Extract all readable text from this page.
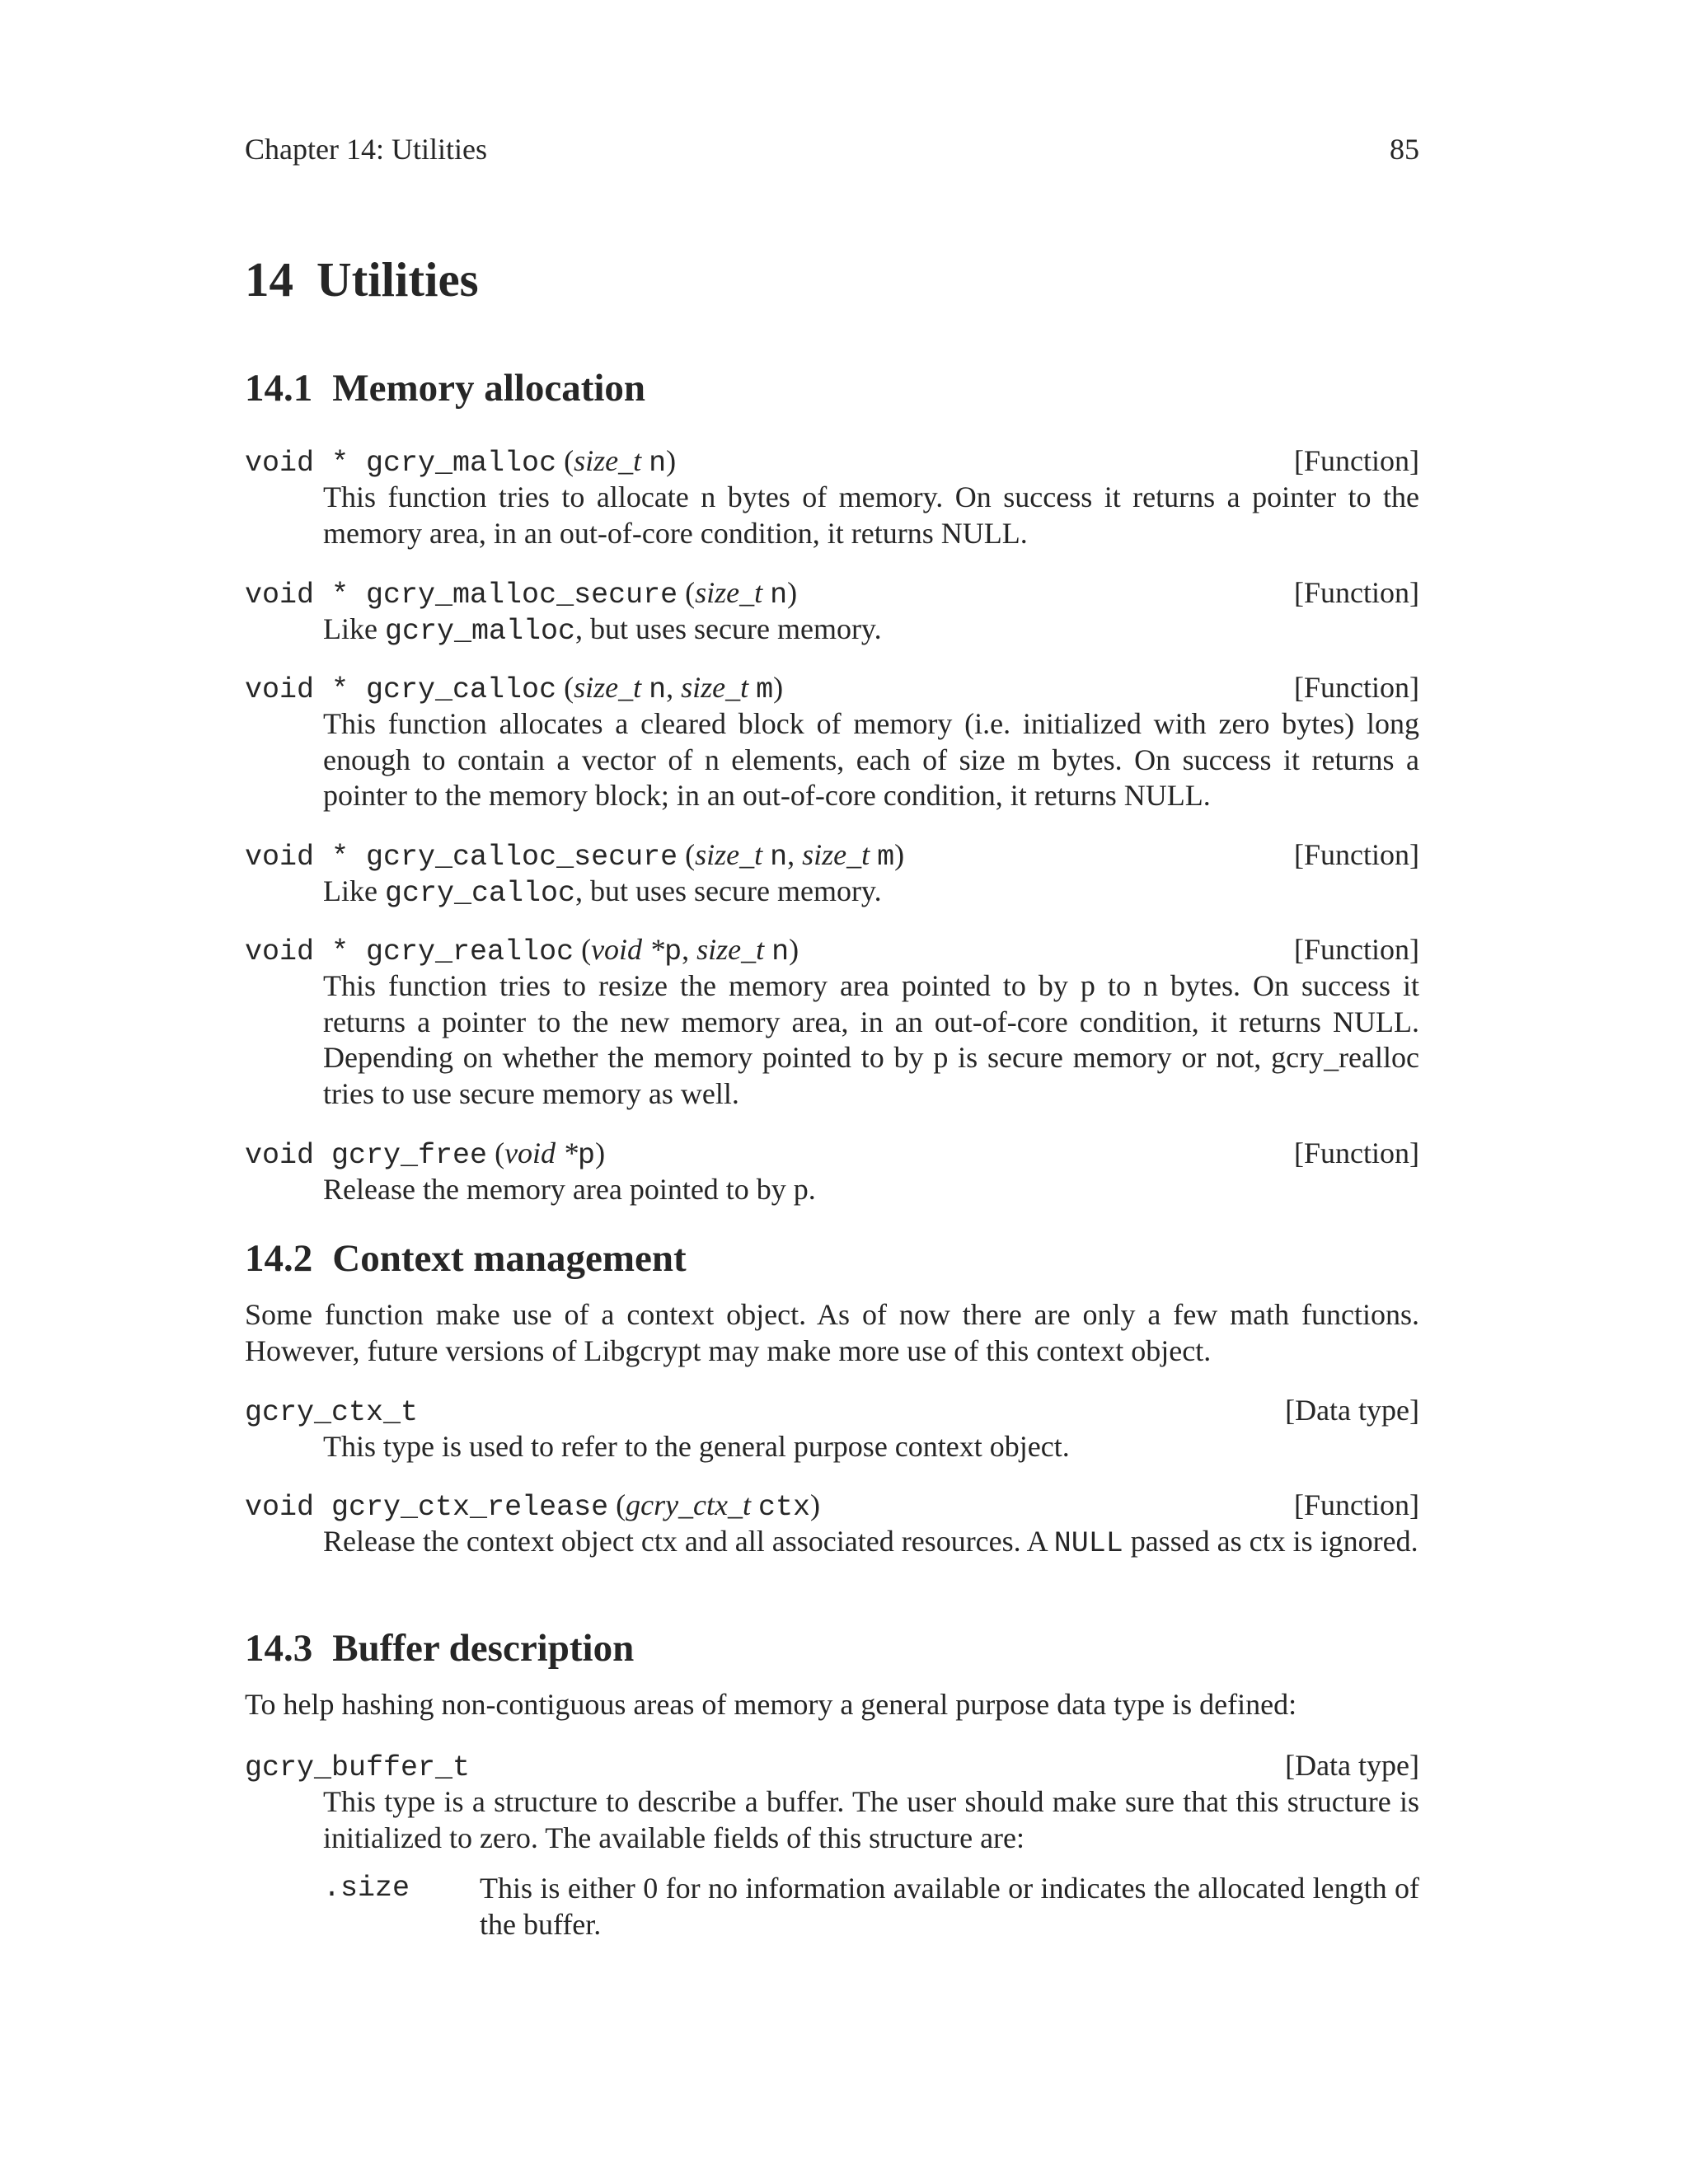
Chapter 14: Utilities	85
14 Utilities
14.1 Memory allocation
void * gcry_malloc (size_t n)	[Function]

This function tries to allocate n bytes of memory. On success it returns a pointer to the memory area, in an out-of-core condition, it returns NULL.

void * gcry_malloc_secure (size_t n)	[Function]

Like gcry_malloc, but uses secure memory.

void * gcry_calloc (size_t n, size_t m)	[Function]

This function allocates a cleared block of memory (i.e. initialized with zero bytes) long enough to contain a vector of n elements, each of size m bytes. On success it returns a pointer to the memory block; in an out-of-core condition, it returns NULL.

void * gcry_calloc_secure (size_t n, size_t m)	[Function]

Like gcry_calloc, but uses secure memory.

void * gcry_realloc (void *p, size_t n)	[Function]

This function tries to resize the memory area pointed to by p to n bytes. On success it returns a pointer to the new memory area, in an out-of-core condition, it returns NULL. Depending on whether the memory pointed to by p is secure memory or not, gcry_realloc tries to use secure memory as well.

void gcry_free (void *p)	[Function]

Release the memory area pointed to by p.

14.2 Context management

Some function make use of a context object. As of now there are only a few math functions. However, future versions of Libgcrypt may make more use of this context object.

gcry_ctx_t	[Data type]

This type is used to refer to the general purpose context object.

void gcry_ctx_release (gcry_ctx_t ctx)	[Function]

Release the context object ctx and all associated resources. A NULL passed as ctx is ignored.

14.3 Buffer description

To help hashing non-contiguous areas of memory a general purpose data type is defined:

gcry_buffer_t	[Data type]

This type is a structure to describe a buffer. The user should make sure that this structure is initialized to zero. The available fields of this structure are:

.size This is either 0 for no information available or indicates the allocated length of the buffer.
